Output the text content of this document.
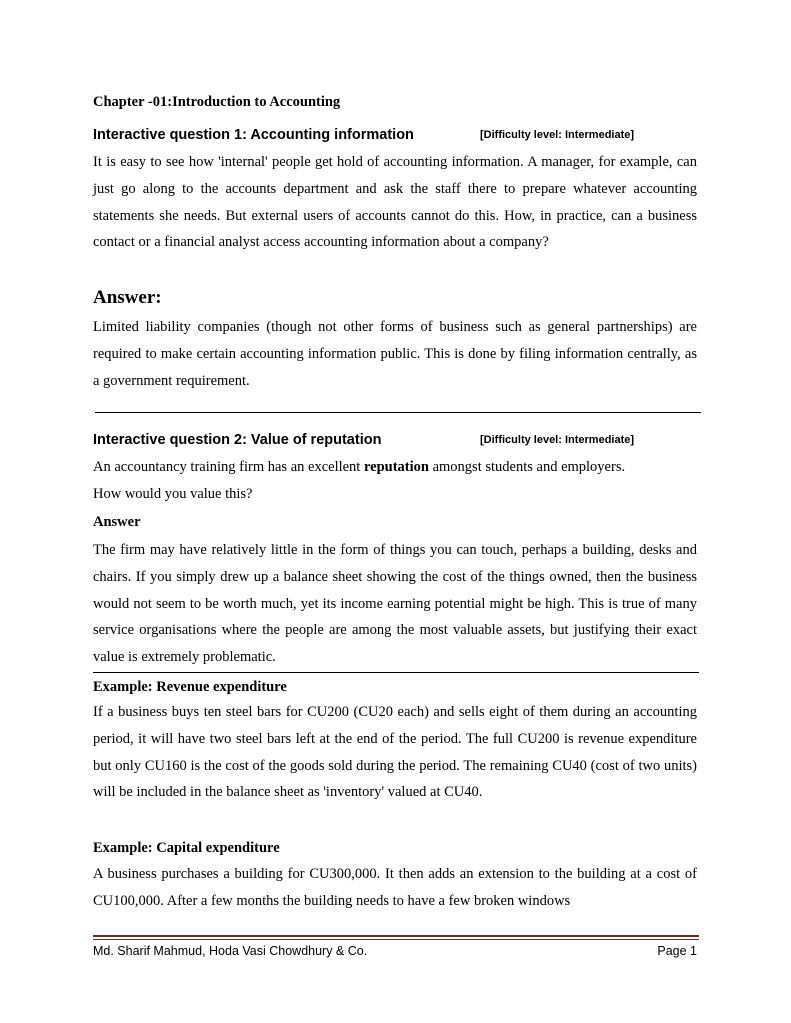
Chapter -01:Introduction to Accounting
Interactive question 1: Accounting information	[Difficulty level: Intermediate]
It is easy to see how 'internal' people get hold of accounting information. A manager, for example, can just go along to the accounts department and ask the staff there to prepare whatever accounting statements she needs. But external users of accounts cannot do this. How, in practice, can a business contact or a financial analyst access accounting information about a company?
Answer:
Limited liability companies (though not other forms of business such as general partnerships) are required to make certain accounting information public. This is done by filing information centrally, as a government requirement.
Interactive question 2: Value of reputation	[Difficulty level: Intermediate]
An accountancy training firm has an excellent reputation amongst students and employers.
How would you value this?
Answer
The firm may have relatively little in the form of things you can touch, perhaps a building, desks and chairs. If you simply drew up a balance sheet showing the cost of the things owned, then the business would not seem to be worth much, yet its income earning potential might be high. This is true of many service organisations where the people are among the most valuable assets, but justifying their exact value is extremely problematic.
Example: Revenue expenditure
If a business buys ten steel bars for CU200 (CU20 each) and sells eight of them during an accounting period, it will have two steel bars left at the end of the period. The full CU200 is revenue expenditure but only CU160 is the cost of the goods sold during the period. The remaining CU40 (cost of two units) will be included in the balance sheet as 'inventory' valued at CU40.
Example: Capital expenditure
A business purchases a building for CU300,000. It then adds an extension to the building at a cost of CU100,000. After a few months the building needs to have a few broken windows
Md. Sharif Mahmud, Hoda Vasi Chowdhury & Co.	Page 1
